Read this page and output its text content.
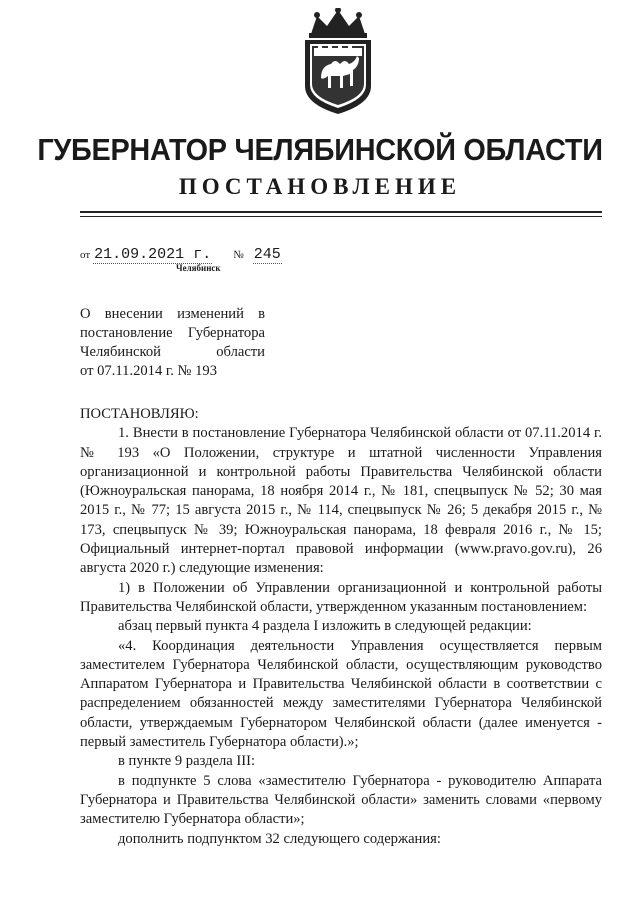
ГУБЕРНАТОР ЧЕЛЯБИНСКОЙ ОБЛАСТИ
ПОСТАНОВЛЕНИЕ
от 21.09.2021 г. № 245
Челябинск
О внесении изменений в
постановление Губернатора
Челябинской области
от 07.11.2014 г. № 193

ПОСТАНОВЛЯЮ:

1. Внести в постановление Губернатора Челябинской области от 07.11.2014 г. № 193 «О Положении, структуре и штатной численности Управления организационной и контрольной работы Правительства Челябинской области (Южноуральская панорама, 18 ноября 2014 г., № 181, спецвыпуск № 52; 30 мая 2015 г., № 77; 15 августа 2015 г., № 114, спецвыпуск № 26; 5 декабря 2015 г., № 173, спецвыпуск № 39; Южноуральская панорама, 18 февраля 2016 г., № 15; Официальный интернет-портал правовой информации (www.pravo.gov.ru), 26 августа 2020 г.) следующие изменения:

1) в Положении об Управлении организационной и контрольной работы Правительства Челябинской области, утвержденном указанным постановлением:

абзац первый пункта 4 раздела I изложить в следующей редакции:

«4. Координация деятельности Управления осуществляется первым заместителем Губернатора Челябинской области, осуществляющим руководство Аппаратом Губернатора и Правительства Челябинской области в соответствии с распределением обязанностей между заместителями Губернатора Челябинской области, утверждаемым Губернатором Челябинской области (далее именуется - первый заместитель Губернатора области).»;

в пункте 9 раздела III:

в подпункте 5 слова «заместителю Губернатора - руководителю Аппарата Губернатора и Правительства Челябинской области» заменить словами «первому заместителю Губернатора области»;

дополнить подпунктом 32 следующего содержания:
